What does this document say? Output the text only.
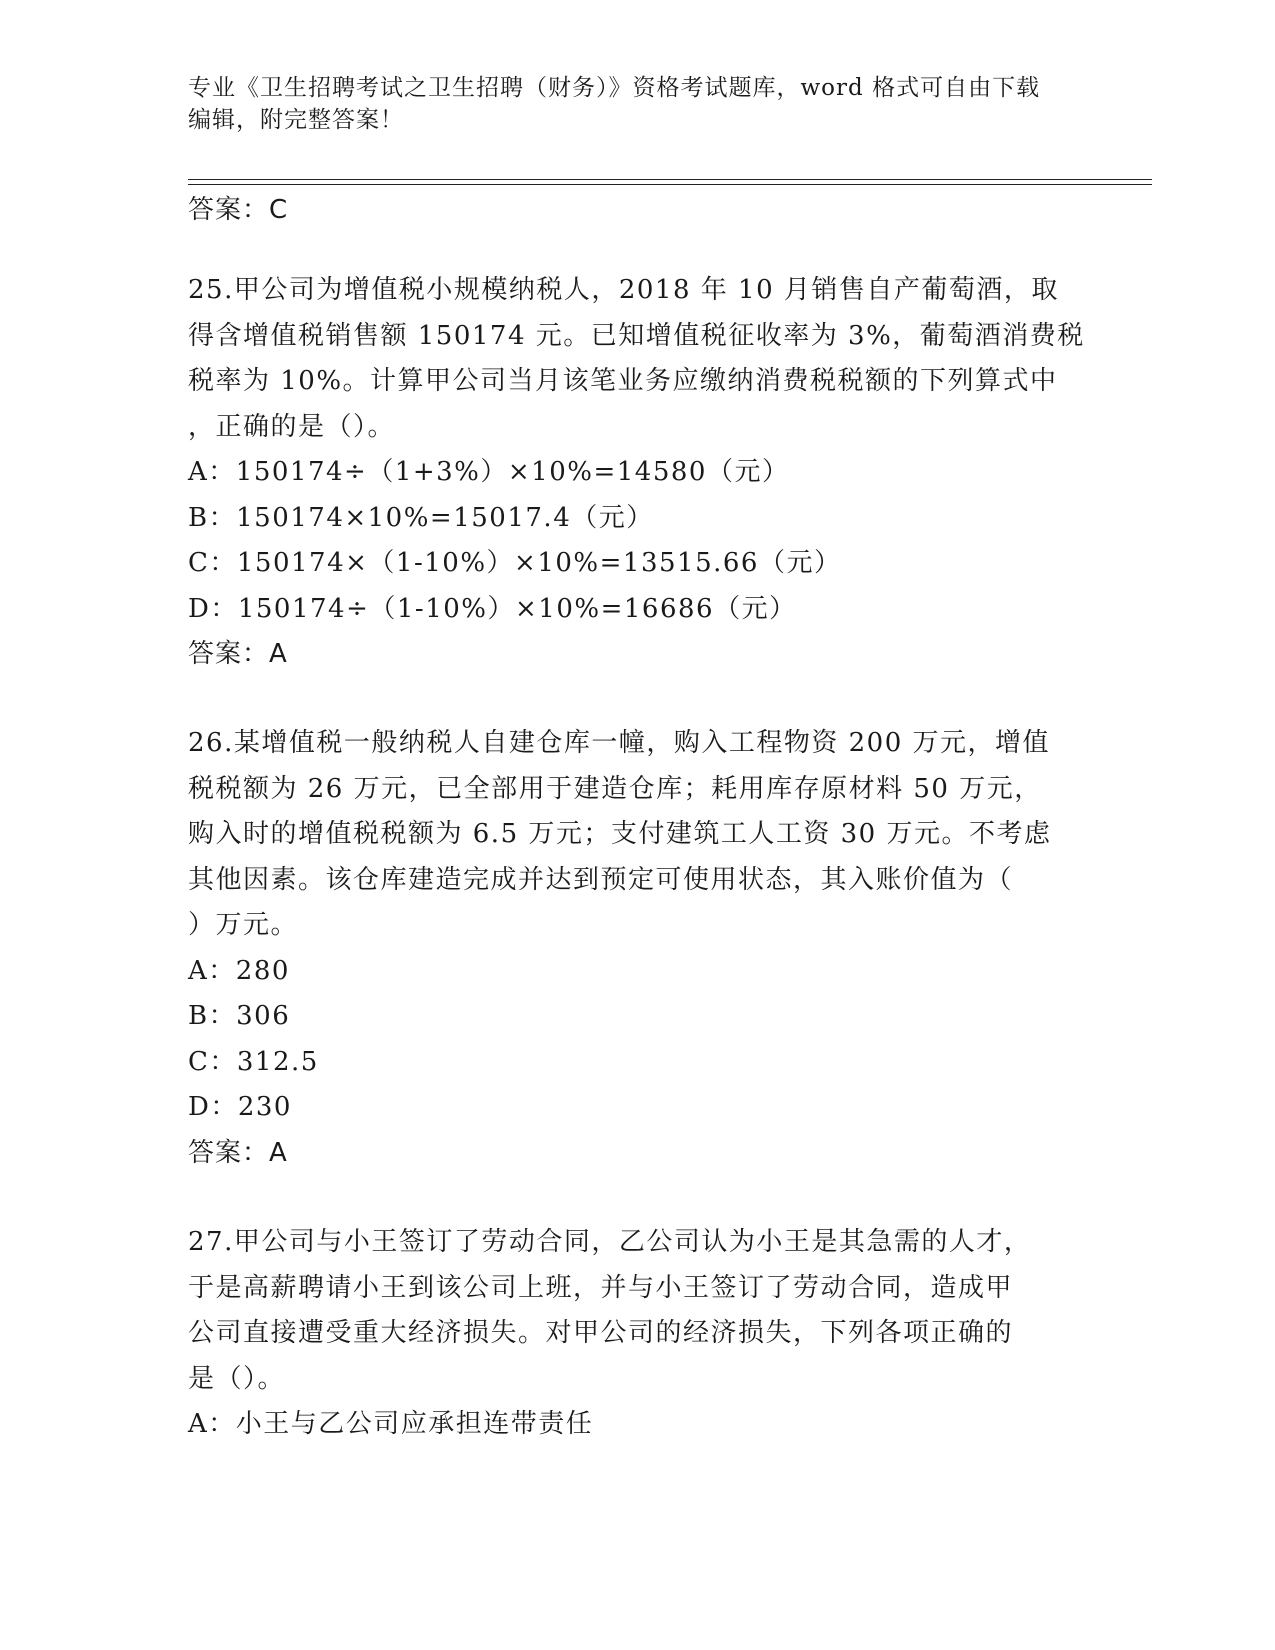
专业《卫生招聘考试之卫生招聘（财务）》资格考试题库，word 格式可自由下载
编辑，附完整答案！
答案：C
25.甲公司为增值税小规模纳税人，2018 年 10 月销售自产葡萄酒，取
得含增值税销售额 150174 元。已知增值税征收率为 3%，葡萄酒消费税
税率为 10%。计算甲公司当月该笔业务应缴纳消费税税额的下列算式中
，正确的是（）。
A：150174÷（1+3%）×10%=14580（元）
B：150174×10%=15017.4（元）
C：150174×（1-10%）×10%=13515.66（元）
D：150174÷（1-10%）×10%=16686（元）
答案：A
26.某增值税一般纳税人自建仓库一幢，购入工程物资 200 万元，增值
税税额为 26 万元，已全部用于建造仓库；耗用库存原材料 50 万元，
购入时的增值税税额为 6.5 万元；支付建筑工人工资 30 万元。不考虑
其他因素。该仓库建造完成并达到预定可使用状态，其入账价值为（
）万元。
A：280
B：306
C：312.5
D：230
答案：A
27.甲公司与小王签订了劳动合同，乙公司认为小王是其急需的人才，
于是高薪聘请小王到该公司上班，并与小王签订了劳动合同，造成甲
公司直接遭受重大经济损失。对甲公司的经济损失，下列各项正确的
是（）。
A：小王与乙公司应承担连带责任
